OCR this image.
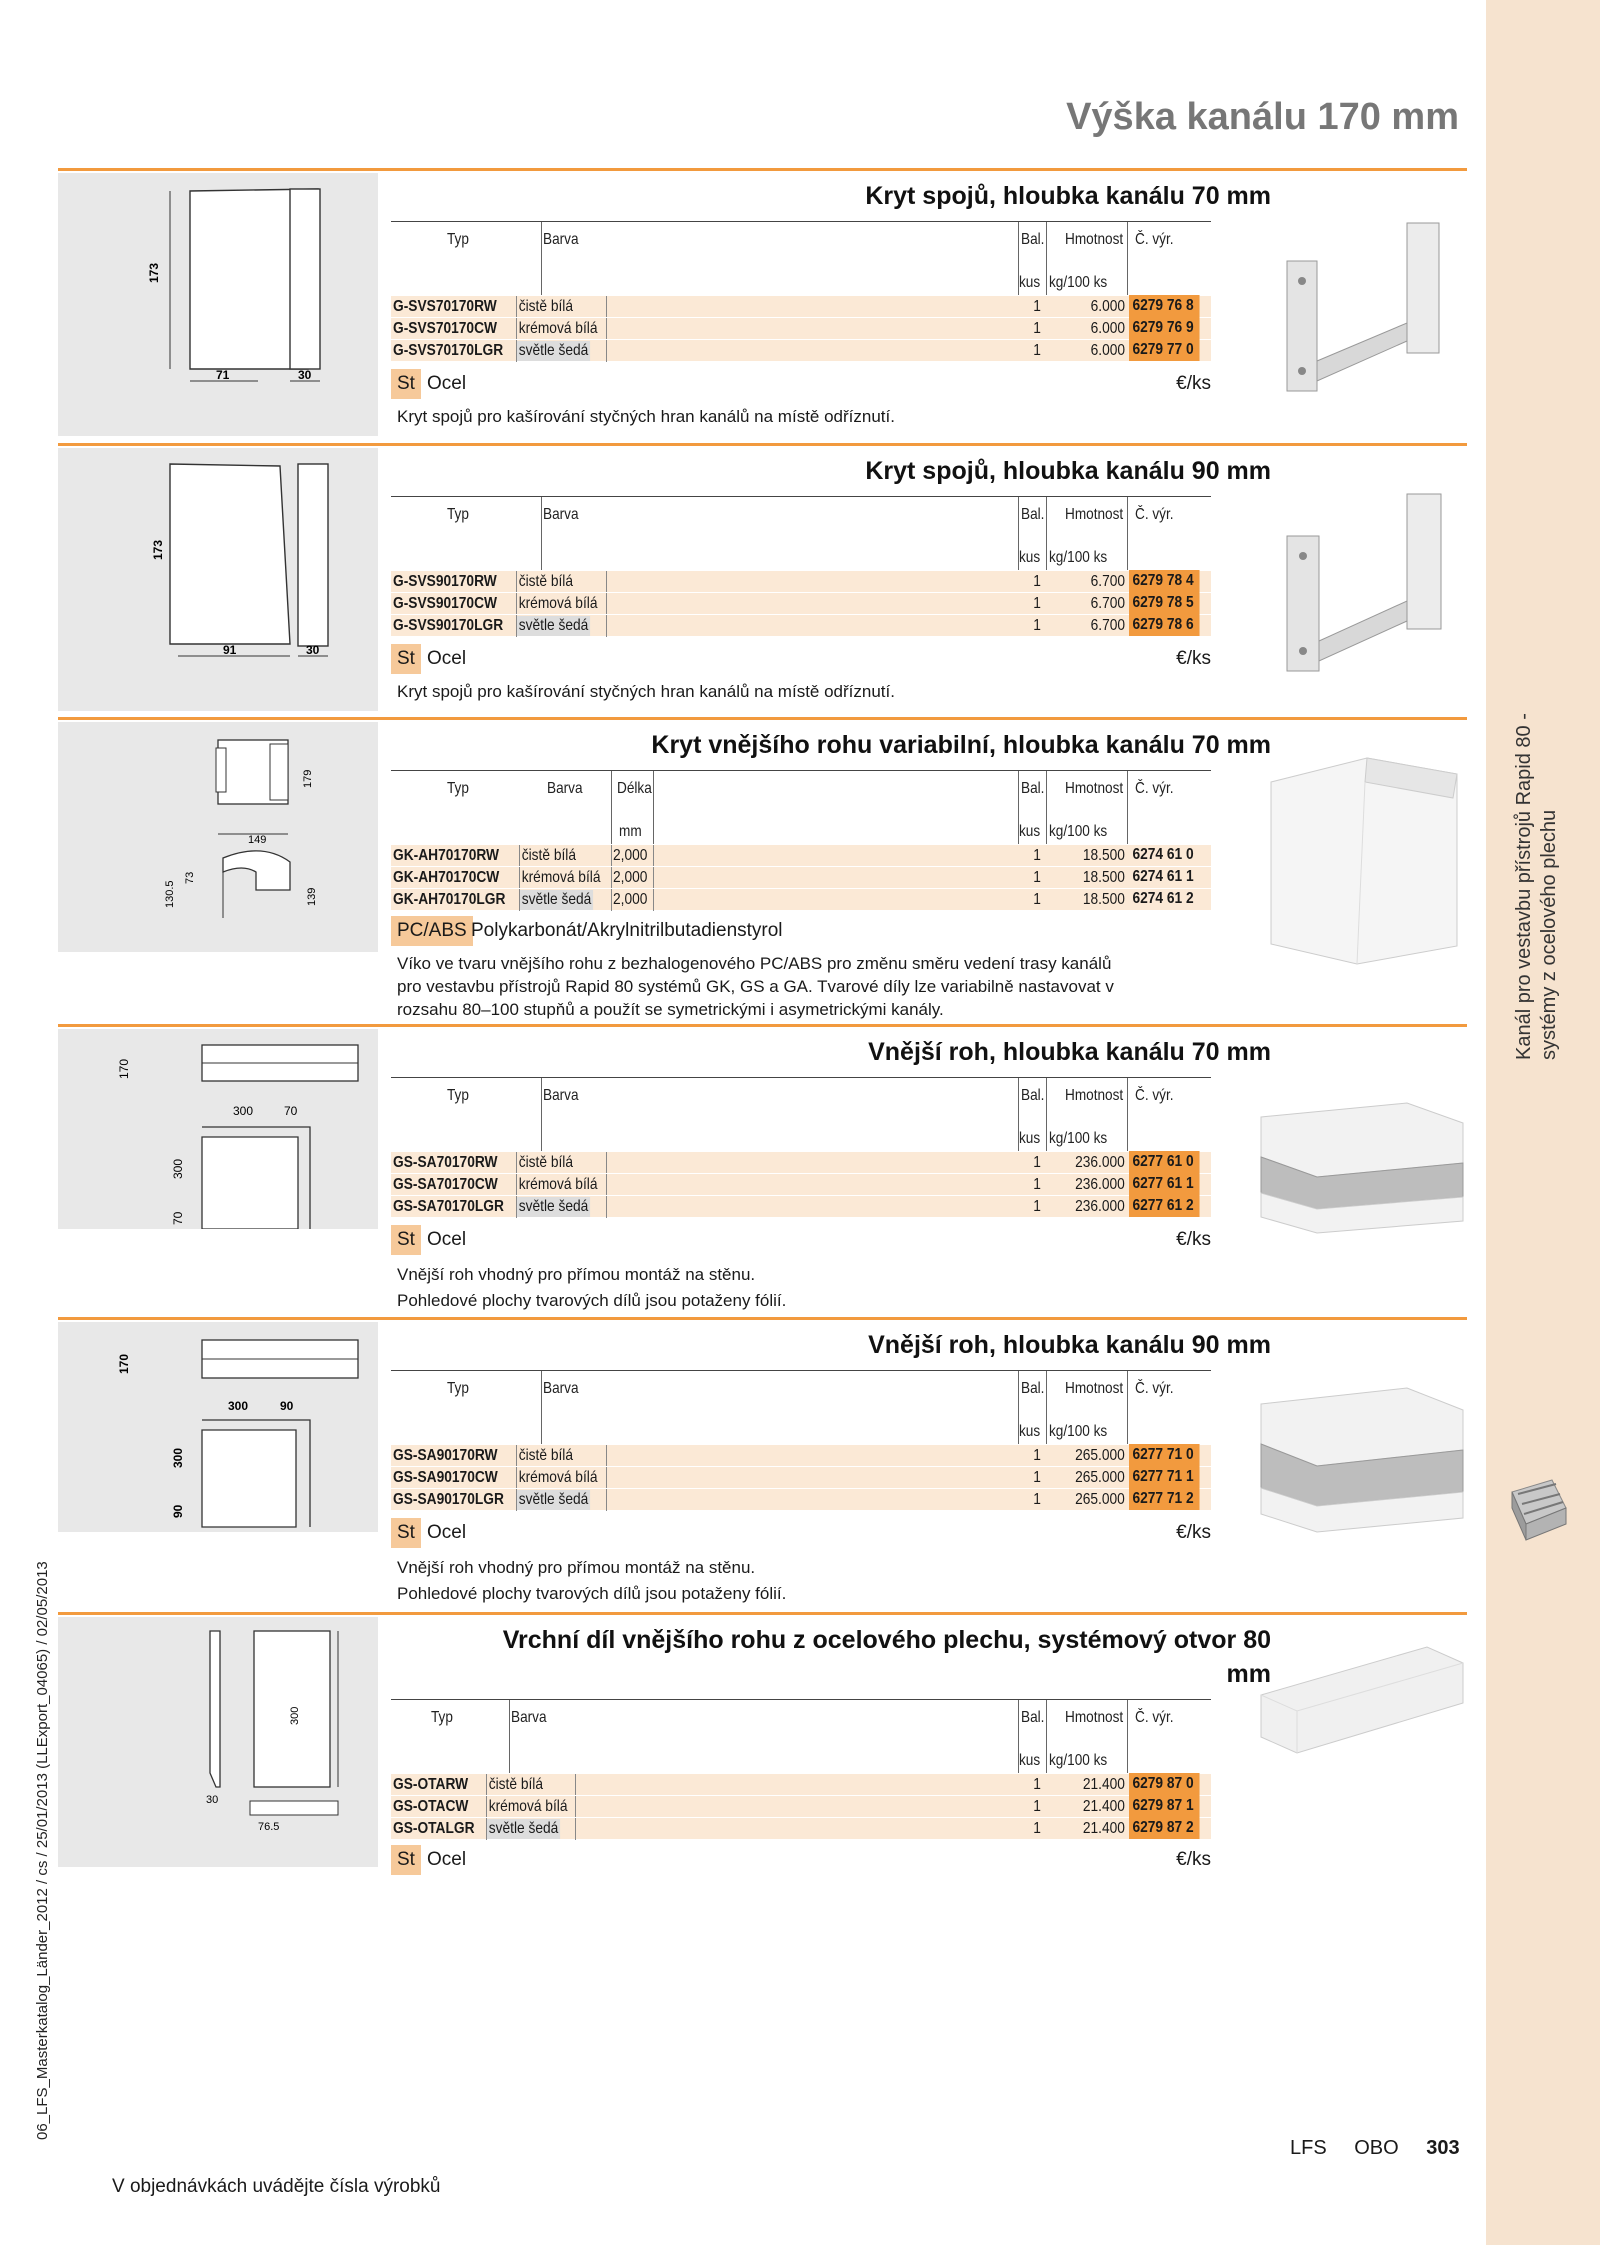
Kanál pro vestavbu přístrojů Rapid 80 - systémy z ocelového plechu
06_LFS_Masterkatalog_Länder_2012 / cs / 25/01/2013 (LLExport_04065) / 02/05/2013
Výška kanálu 170 mm
173
71	30
Kryt spojů, hloubka kanálu 70 mm
Typ	Barva	Bal. Hmotnost Č. výr.
kus kg/100 ks
G-SVS70170RW čistě bílá	1	6.000 6279 76 8
G-SVS70170CW krémová bílá	1	6.000 6279 76 9
G-SVS70170LGR světle šedá	1	6.000 6279 77 0
St Ocel	€/ks
Kryt spojů pro kašírování styčných hran kanálů na místě odříznutí.
173
91	30
Kryt spojů, hloubka kanálu 90 mm
Typ	Barva	Bal. Hmotnost Č. výr.
kus kg/100 ks
G-SVS90170RW čistě bílá	1	6.700 6279 78 4
G-SVS90170CW krémová bílá	1	6.700 6279 78 5
G-SVS90170LGR světle šedá	1	6.700 6279 78 6
St Ocel	€/ks
Kryt spojů pro kašírování styčných hran kanálů na místě odříznutí.
149
179
130.5
73
139
Kryt vnějšího rohu variabilní, hloubka kanálu 70 mm
Typ	Barva Délka	Bal. Hmotnost Č. výr.
mm	kus kg/100 ks
GK-AH70170RW čistě bílá 2,000	1	18.500 6274 61 0
GK-AH70170CW krémová bílá 2,000	1	18.500 6274 61 1
GK-AH70170LGR světle šedá 2,000	1	18.500 6274 61 2
PC/ABS Polykarbonát/Akrylnitrilbutadienstyrol
Víko ve tvaru vnějšího rohu z bezhalogenového PC/ABS pro změnu směru vedení trasy kanálů
pro vestavbu přístrojů Rapid 80 systémů GK, GS a GA. Tvarové díly lze variabilně nastavovat v
rozsahu 80–100 stupňů a použít se symetrickými i asymetrickými kanály.
170
300	70
300
70
Vnější roh, hloubka kanálu 70 mm
Typ	Barva	Bal. Hmotnost Č. výr.
kus kg/100 ks
GS-SA70170RW čistě bílá	1 236.000 6277 61 0
GS-SA70170CW krémová bílá	1 236.000 6277 61 1
GS-SA70170LGR světle šedá	1 236.000 6277 61 2
St Ocel	€/ks
Vnější roh vhodný pro přímou montáž na stěnu.
Pohledové plochy tvarových dílů jsou potaženy fólií.
170
300	90
300
90
Vnější roh, hloubka kanálu 90 mm
Typ	Barva	Bal. Hmotnost Č. výr.
kus kg/100 ks
GS-SA90170RW čistě bílá	1 265.000 6277 71 0
GS-SA90170CW krémová bílá	1 265.000 6277 71 1
GS-SA90170LGR světle šedá	1 265.000 6277 71 2
St Ocel	€/ks
Vnější roh vhodný pro přímou montáž na stěnu.
Pohledové plochy tvarových dílů jsou potaženy fólií.
300
30
76.5
Vrchní díl vnějšího rohu z ocelového plechu, systémový otvor 80
mm
Typ	Barva	Bal. Hmotnost Č. výr.
kus kg/100 ks
GS-OTARW čistě bílá	1	21.400 6279 87 0
GS-OTACW krémová bílá	1	21.400 6279 87 1
GS-OTALGR světle šedá	1	21.400 6279 87 2
St Ocel	€/ks
V objednávkách uvádějte čísla výrobků
LFS OBO 303
